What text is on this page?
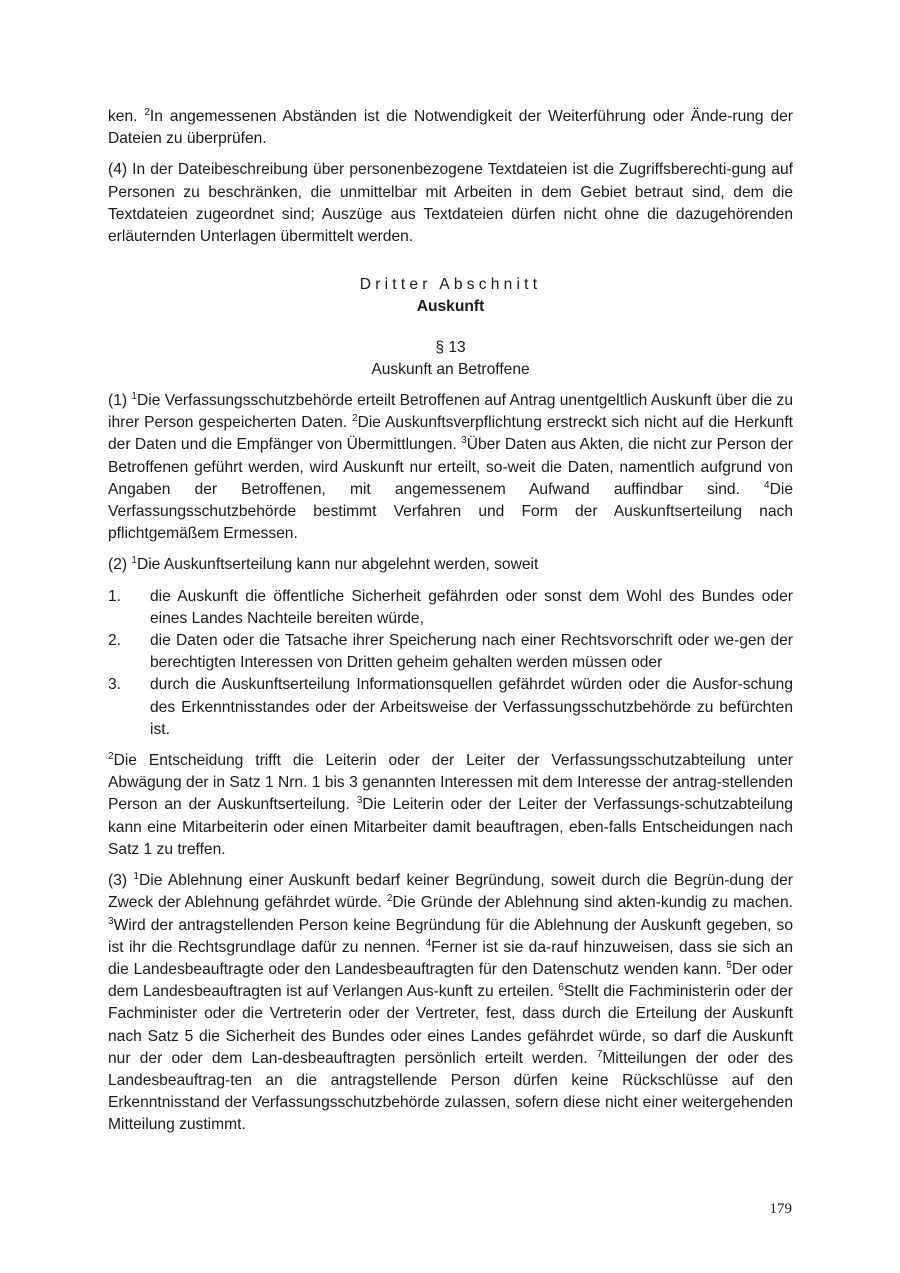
ken. $^2$In angemessenen Abständen ist die Notwendigkeit der Weiterführung oder Ände-rung der Dateien zu überprüfen.

(4) In der Dateibeschreibung über personenbezogene Textdateien ist die Zugriffsberechti-gung auf Personen zu beschränken, die unmittelbar mit Arbeiten in dem Gebiet betraut sind, dem die Textdateien zugeordnet sind; Auszüge aus Textdateien dürfen nicht ohne die dazugehörenden erläuternden Unterlagen übermittelt werden.

Dritter Abschnitt

Auskunft

§ 13

Auskunft an Betroffene

(1) $^1$Die Verfassungsschutzbehörde erteilt Betroffenen auf Antrag unentgeltlich Auskunft über die zu ihrer Person gespeicherten Daten. $^2$Die Auskunftsverpflichtung erstreckt sich nicht auf die Herkunft der Daten und die Empfänger von Übermittlungen. $^3$Über Daten aus Akten, die nicht zur Person der Betroffenen geführt werden, wird Auskunft nur erteilt, so-weit die Daten, namentlich aufgrund von Angaben der Betroffenen, mit angemessenem Aufwand auffindbar sind. $^4$Die Verfassungsschutzbehörde bestimmt Verfahren und Form der Auskunftserteilung nach pflichtgemäßem Ermessen.

(2) $^1$Die Auskunftserteilung kann nur abgelehnt werden, soweit

1. die Auskunft die öffentliche Sicherheit gefährden oder sonst dem Wohl des Bundes oder eines Landes Nachteile bereiten würde,
2. die Daten oder die Tatsache ihrer Speicherung nach einer Rechtsvorschrift oder we-gen der berechtigten Interessen von Dritten geheim gehalten werden müssen oder
3. durch die Auskunftserteilung Informationsquellen gefährdet würden oder die Ausfor-schung des Erkenntnisstandes oder der Arbeitsweise der Verfassungsschutzbehörde zu befürchten ist.

$^2$Die Entscheidung trifft die Leiterin oder der Leiter der Verfassungsschutzabteilung unter Abwägung der in Satz 1 Nrn. 1 bis 3 genannten Interessen mit dem Interesse der antrag-stellenden Person an der Auskunftserteilung. $^3$Die Leiterin oder der Leiter der Verfassungs-schutzabteilung kann eine Mitarbeiterin oder einen Mitarbeiter damit beauftragen, eben-falls Entscheidungen nach Satz 1 zu treffen.

(3) $^1$Die Ablehnung einer Auskunft bedarf keiner Begründung, soweit durch die Begrün-dung der Zweck der Ablehnung gefährdet würde. $^2$Die Gründe der Ablehnung sind akten-kundig zu machen. $^3$Wird der antragstellenden Person keine Begründung für die Ablehnung der Auskunft gegeben, so ist ihr die Rechtsgrundlage dafür zu nennen. $^4$Ferner ist sie da-rauf hinzuweisen, dass sie sich an die Landesbeauftragte oder den Landesbeauftragten für den Datenschutz wenden kann. $^5$Der oder dem Landesbeauftragten ist auf Verlangen Aus-kunft zu erteilen. $^6$Stellt die Fachministerin oder der Fachminister oder die Vertreterin oder der Vertreter, fest, dass durch die Erteilung der Auskunft nach Satz 5 die Sicherheit des Bundes oder eines Landes gefährdet würde, so darf die Auskunft nur der oder dem Lan-desbeauftragten persönlich erteilt werden. $^7$Mitteilungen der oder des Landesbeauftrag-ten an die antragstellende Person dürfen keine Rückschlüsse auf den Erkenntnisstand der Verfassungsschutzbehörde zulassen, sofern diese nicht einer weitergehenden Mitteilung zustimmt.

179
